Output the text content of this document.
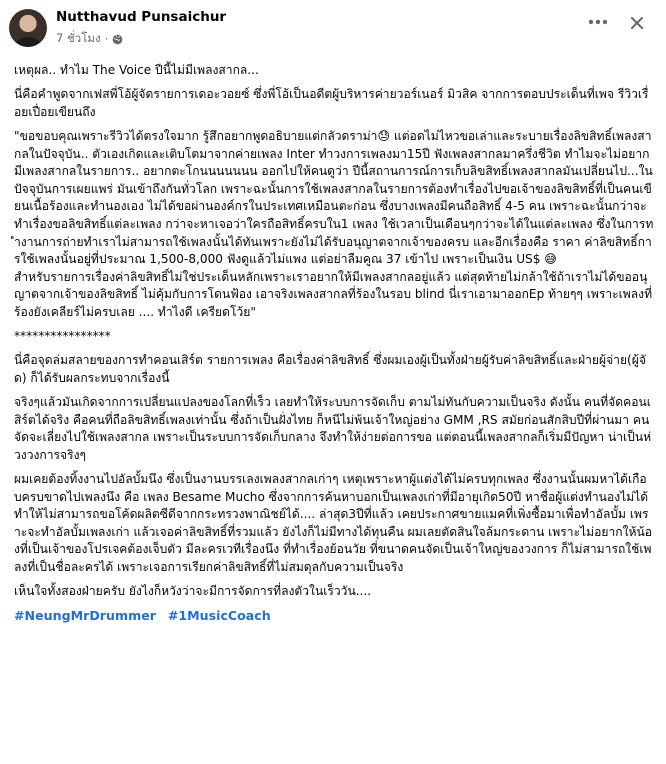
Nutthavud Punsaichur
7 ชั่วโมง ·

เหตุผล.. ทำไม The Voice ปีนี้ไม่มีเพลงสากล...

นี่คือคำพูดจากเฟสพี่โอ้ผู้จัดรายการเดอะวอยซ์ ซึ่งพี่โอ้เป็นอดีตผู้บริหารค่ายวอร์เนอร์ มิวสิค จากการตอบประเด็นที่เพจ รีวิวเรื่อยเปื่อยเขียนถึง

"ขอขอบคุณเพราะรีวิวได้ตรงใจมาก รู้สึกอยากพูดอธิบายแต่กลัวดราม่า😓 แต่อดไม่ไหวขอเล่าและระบายเรื่องลิขสิทธิ์เพลงสากลในปัจจุบัน.. ตัวเองเกิดและเติบโตมาจากค่ายเพลง Inter ทำวงการเพลงมา15ปี ฟังเพลงสากลมาครึ่งชีวิต ทำไมจะไม่อยากมีเพลงสากลในรายการ.. อยากตะโกนนนนนนน ออกไปให้คนดูว่า ปีนี้สถานการณ์การเก็บลิขสิทธิ์เพลงสากลมันเปลี่ยนไป...ในปัจจุบันการเผยแพร่ มันเข้าถึงกันทั่วโลก เพราะฉะนั้นการใช้เพลงสากลในรายการต้องทำเรื่องไปขอเจ้าของลิขสิทธิ์ที่เป็นคนเขียนเนื้อร้องและทำนองเอง ไม่ได้ขอผ่านองค์กรในประเทศเหมือนตะก่อน ซึ่งบางเพลงมีคนถือสิทธิ์ 4-5 คน เพราะฉะนั้นกว่าจะทำเรื่องขอลิขสิทธิ์แต่ละเพลง กว่าจะหาเจอว่าใครถือสิทธิ์ครบใน1 เพลง ใช้เวลาเป็นเดือนๆกว่าจะได้ในแต่ละเพลง ซึ่งในการทำงานการถ่ายทำเราไม่สามารถใช้เพลงนั้นได้ทันเพราะยังไม่ได้รับอนุญาตจากเจ้าของครบ และอีกเรื่องคือ ราคา ค่าลิขสิทธิ์การใช้เพลงนั้นอยู่ที่ประมาณ 1,500-8,000 ฟังดูแล้วไม่แพง แต่อย่าลืมคูณ 37 เข้าไป เพราะเป็นเงิน US$ 😅

สำหรับรายการเรื่องค่าลิขสิทธิ์ไม่ใช่ประเด็นหลักเพราะเราอยากให้มีเพลงสากลอยู่แล้ว แต่สุดท้ายไม่กล้าใช้ถ้าเราไม่ได้ขออนุญาตจากเจ้าของลิขสิทธิ์ ไม่คุ้มกับการโดนฟ้อง เอาจริงเพลงสากลที่ร้องในรอบ blind นี่เราเอามาออกEp ท้ายๆๆ เพราะเพลงที่ร้องยังเคลียร์ไม่ครบเลย .... ทำไงดี เครียดโว้ย"

****************

นี่คือจุดล่มสลายของการทำคอนเสิร์ต รายการเพลง คือเรื่องค่าลิขสิทธิ์ ซึ่งผมเองผู้เป็นทั้งฝ่ายผู้รับค่าลิขสิทธิ์และฝ่ายผู้จ่าย(ผู้จัด) ก็ได้รับผลกระทบจากเรื่องนี้

จริงๆแล้วมันเกิดจากการเปลี่ยนแปลงของโลกที่เร็ว เลยทำให้ระบบการจัดเก็บ ตามไม่ทันกับความเป็นจริง ดังนั้น คนที่จัดคอนเสิร์ตได้จริง คือคนที่ถือลิขสิทธิ์เพลงเท่านั้น ซึ่งถ้าเป็นฝั่งไทย ก็หนีไม่พ้นเจ้าใหญ่อย่าง GMM ,RS สมัยก่อนสักสิบปีที่ผ่านมา คนจัดจะเลี่ยงไปใช้เพลงสากล เพราะเป็นระบบการจัดเก็บกลาง จึงทำให้ง่ายต่อการขอ แต่ตอนนี้เพลงสากลก็เริ่มมีปัญหา น่าเป็นห่วงวงการจริงๆ

ผมเคยต้องทิ้งงานไปอัลบั้มนึง ซึ่งเป็นงานบรรเลงเพลงสากลเก่าๆ เหตุเพราะหาผู้แต่งได้ไม่ครบทุกเพลง ซึ่งงานนั้นผมหาได้เกือบครบขาดไปเพลงนึง คือ เพลง Besame Mucho ซึ่งจากการค้นหาบอกเป็นเพลงเก่าที่มีอายุเกิด50ปี หาชื่อผู้แต่งทำนองไม่ได้ ทำให้ไม่สามารถขอโค้ดผลิตซีดีจากกระทรวงพาณิชย์ได้.... ล่าสุด3ปีที่แล้ว เคยประกาศขายแมคที่เพิ่งซื้อมาเพื่อทำอัลบั้ม เพราะจะทำอัลบั้มเพลงเก่า แล้วเจอค่าลิขสิทธิ์ที่รวมแล้ว ยังไงก็ไม่มีทางได้ทุนคืน ผมเลยตัดสินใจล้มกระดาน เพราะไม่อยากให้น้องที่เป็นเจ้าของโปรเจคต้องเจ็บตัว มีละครเวทีเรื่องนึง ที่ทำเรื่องย้อนวัย ที่ขนาดคนจัดเป็นเจ้าใหญ่ของวงการ ก็ไม่สามารถใช้เพลงที่เป็นชื่อละครได้ เพราะเจอการเรียกค่าลิขสิทธิ์ที่ไม่สมดุลกับความเป็นจริง

เห็นใจทั้งสองฝ่ายครับ ยังไงก็หวังว่าจะมีการจัดการที่ลงตัวในเร็ววัน....

#NeungMrDrummer #1MusicCoach
